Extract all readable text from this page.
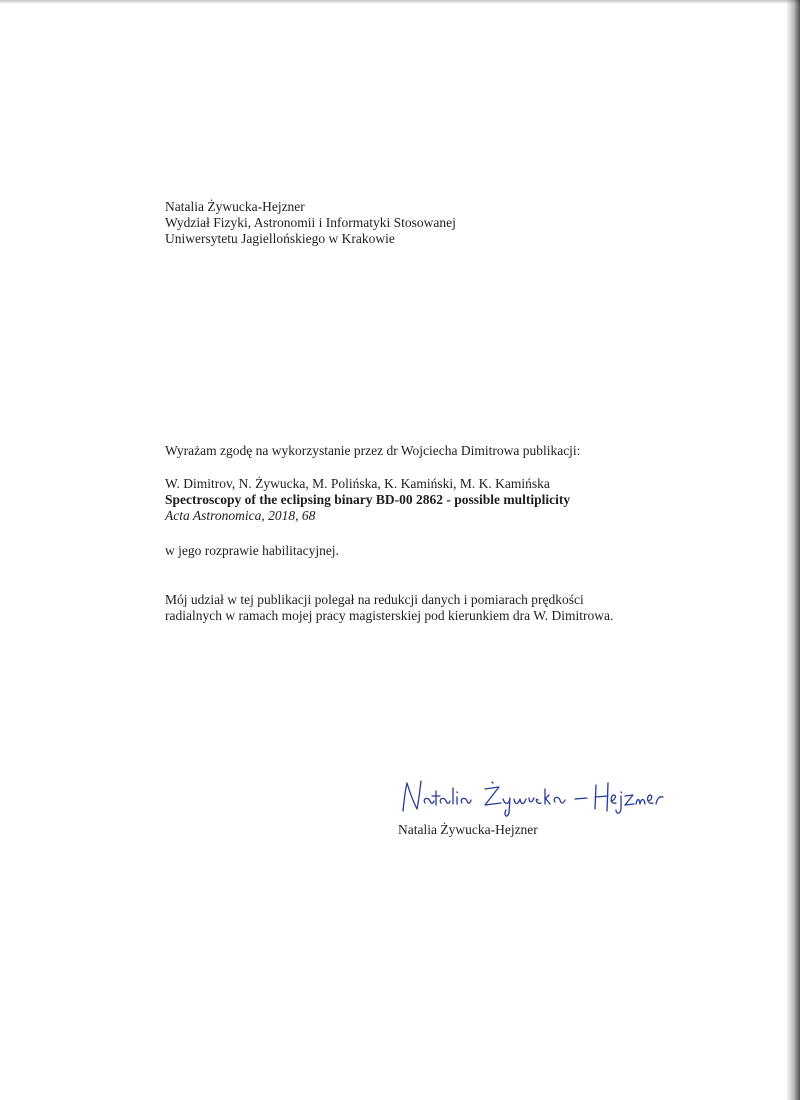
Natalia Żywucka-Hejzner

Wydział Fizyki, Astronomii i Informatyki Stosowanej

Uniwersytetu Jagiellońskiego w Krakowie

Wyrażam zgodę na wykorzystanie przez dr Wojciecha Dimitrowa publikacji:

W. Dimitrov, N. Żywucka, M. Polińska, K. Kamiński, M. K. Kamińska

Spectroscopy of the eclipsing binary BD-00 2862 - possible multiplicity

Acta Astronomica, 2018, 68

w jego rozprawie habilitacyjnej.

Mój udział w tej publikacji polegał na redukcji danych i pomiarach prędkości

radialnych w ramach mojej pracy magisterskiej pod kierunkiem dra W. Dimitrowa.

Natalia Żywucka-Hejzner
